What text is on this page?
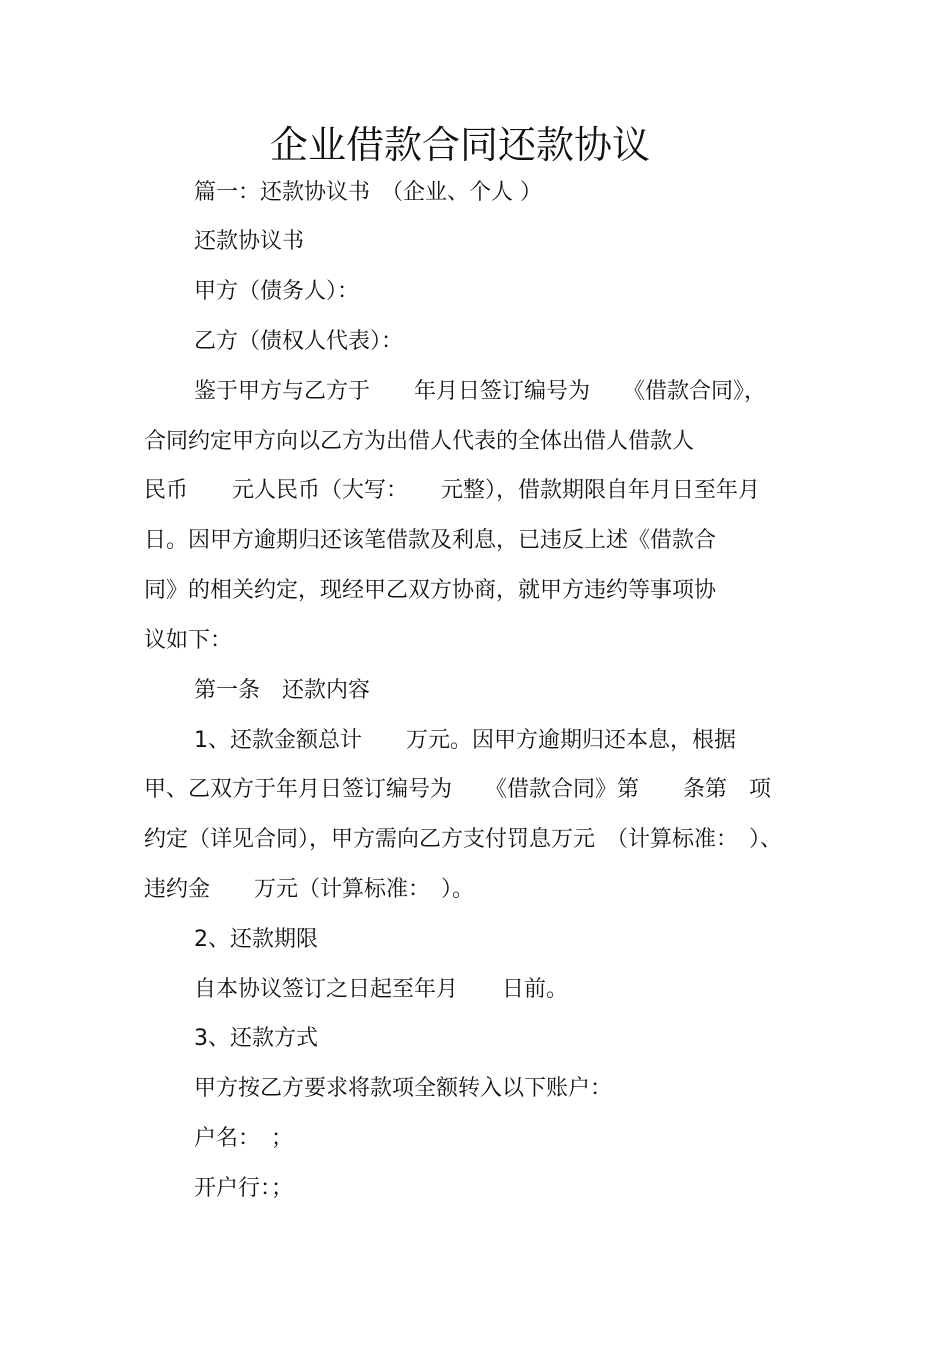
企业借款合同还款协议
篇一：还款协议书　（企业、个人 ）
还款协议书
甲方（债务人）：
乙方（债权人代表）：
鉴于甲方与乙方于　　年月日签订编号为　　《借款合同》，
合同约定甲方向以乙方为出借人代表的全体出借人借款人
民币　　元人民币（大写：　　元整），借款期限自年月日至年月
日。因甲方逾期归还该笔借款及利息，已违反上述《借款合
同》的相关约定，现经甲乙双方协商，就甲方违约等事项协
议如下：
第一条　还款内容
1、还款金额总计　　万元。因甲方逾期归还本息，根据
甲、乙双方于年月日签订编号为　　《借款合同》第　　条第　项
约定（详见合同），甲方需向乙方支付罚息万元　（计算标准：　）、
违约金　　万元（计算标准：　）。
2、还款期限
自本协议签订之日起至年月　　日前。
3、还款方式
甲方按乙方要求将款项全额转入以下账户：
户名：　；
开户行：；
